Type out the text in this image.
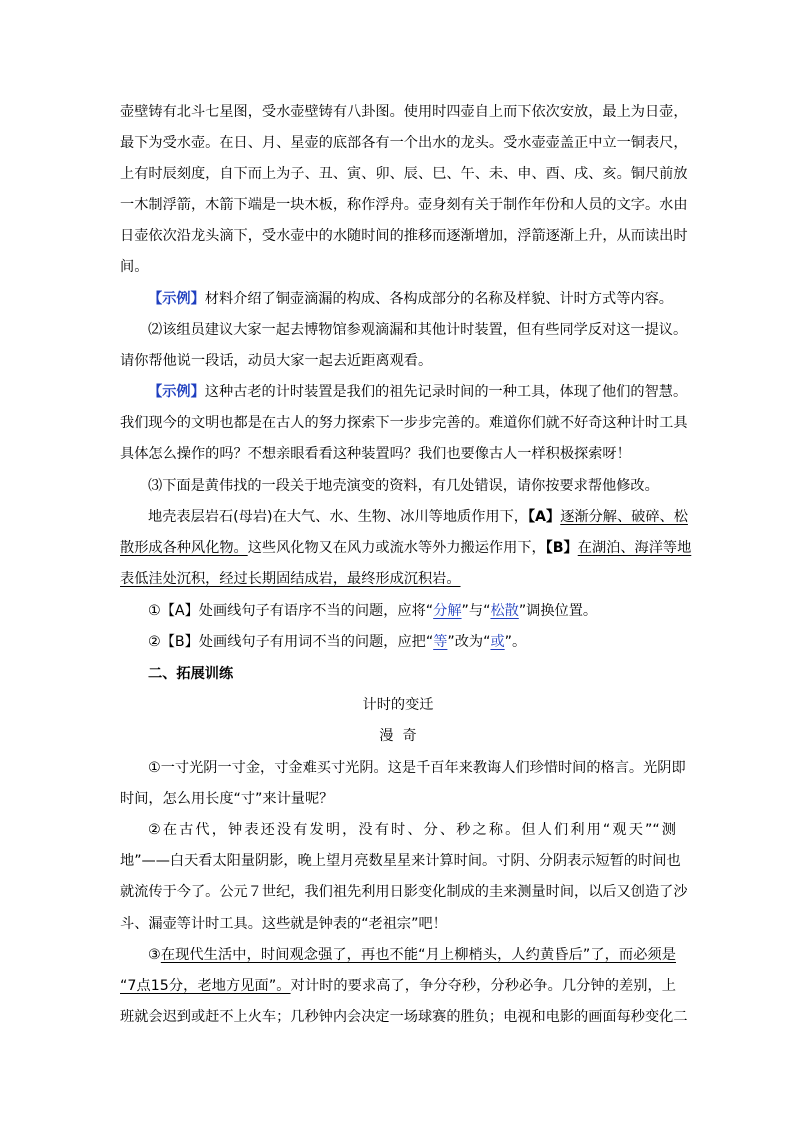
壶壁铸有北斗七星图，受水壶壁铸有八卦图。使用时四壶自上而下依次安放，最上为日壶，
最下为受水壶。在日、月、星壶的底部各有一个出水的龙头。受水壶壶盖正中立一铜表尺，
上有时辰刻度，自下而上为子、丑、寅、卯、辰、巳、午、未、申、酉、戌、亥。铜尺前放
一木制浮箭，木箭下端是一块木板，称作浮舟。壶身刻有关于制作年份和人员的文字。水由
日壶依次沿龙头滴下，受水壶中的水随时间的推移而逐渐增加，浮箭逐渐上升，从而读出时
间。
【示例】材料介绍了铜壶滴漏的构成、各构成部分的名称及样貌、计时方式等内容。
⑵该组员建议大家一起去博物馆参观滴漏和其他计时装置，但有些同学反对这一提议。
请你帮他说一段话，动员大家一起去近距离观看。
【示例】这种古老的计时装置是我们的祖先记录时间的一种工具，体现了他们的智慧。
我们现今的文明也都是在古人的努力探索下一步步完善的。难道你们就不好奇这种计时工具
具体怎么操作的吗？不想亲眼看看这种装置吗？我们也要像古人一样积极探索呀！
⑶下面是黄伟找的一段关于地壳演变的资料，有几处错误，请你按要求帮他修改。
地壳表层岩石(母岩)在大气、水、生物、冰川等地质作用下，【A】逐渐分解、破碎、松
散形成各种风化物。这些风化物又在风力或流水等外力搬运作用下，【B】在湖泊、海洋等地
表低洼处沉积，经过长期固结成岩，最终形成沉积岩。
①【A】处画线句子有语序不当的问题，应将“分解”与“松散”调换位置。
②【B】处画线句子有用词不当的问题，应把“等”改为“或”。
二、拓展训练
计时的变迁
漫  奇
①一寸光阴一寸金，寸金难买寸光阴。这是千百年来教诲人们珍惜时间的格言。光阴即
时间，怎么用长度“寸”来计量呢？
②在古代，钟表还没有发明，没有时、分、秒之称。但人们利用“观天”“测
地”——白天看太阳量阴影，晚上望月亮数星星来计算时间。寸阴、分阴表示短暂的时间也
就流传于今了。公元７世纪，我们祖先利用日影变化制成的圭来测量时间，以后又创造了沙
斗、漏壶等计时工具。这些就是钟表的“老祖宗”吧！
③在现代生活中，时间观念强了，再也不能“月上柳梢头，人约黄昏后”了，而必须是
“7点15分，老地方见面”。对计时的要求高了，争分夺秒，分秒必争。几分钟的差别，上
班就会迟到或赶不上火车；几秒钟内会决定一场球赛的胜负；电视和电影的画面每秒变化二
